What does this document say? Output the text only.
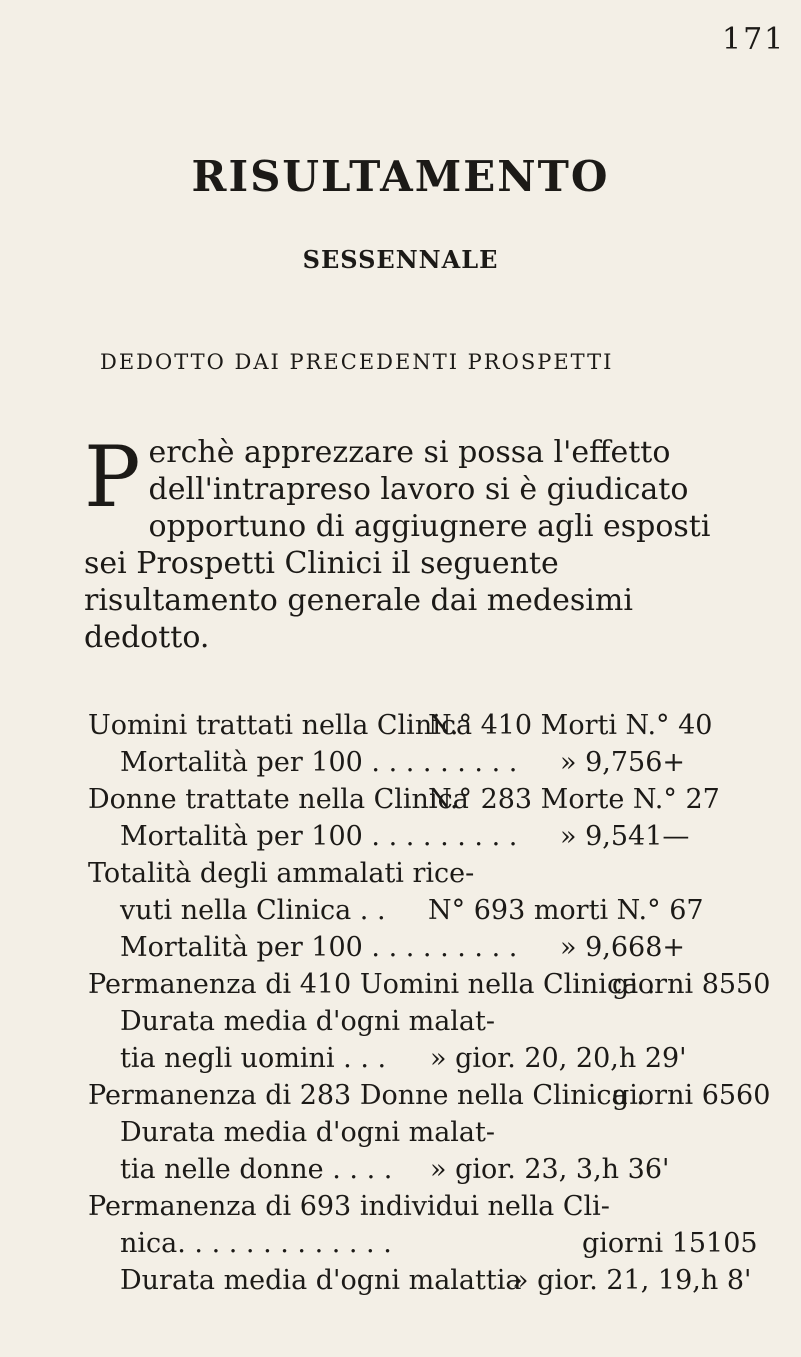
171
RISULTAMENTO
SESSENNALE
DEDOTTO DAI PRECEDENTI PROSPETTI
P erchè apprezzare si possa l'effetto dell'intrapreso lavoro si è giudicato opportuno di aggiugnere agli esposti sei Prospetti Clinici il seguente risultamento generale dai medesimi dedotto.
Uomini trattati nella Clinica
N.° 410 Morti N.° 40
Mortalità per 100 . . . . . . . . . » 9,756+
Donne trattate nella Clinica
N.° 283 Morte N.° 27
Mortalità per 100 . . . . . . . . . » 9,541—
Totalità degli ammalati rice-
vuti nella Clinica . . N° 693 morti N.° 67
Mortalità per 100 . . . . . . . . . » 9,668+
Permanenza di 410 Uomini nella Clinica .
giorni 8550
Durata media d'ogni malat-
tia negli uomini . . . » gior. 20, 20,h 29'
Permanenza di 283 Donne nella Clinica .
giorni 6560
Durata media d'ogni malat-
tia nelle donne . . . . » gior. 23, 3,h 36'
Permanenza di 693 individui nella Cli-
nica. . . . . . . . . . . . .	giorni 15105
Durata media d'ogni malattia
» gior. 21, 19,h 8'
